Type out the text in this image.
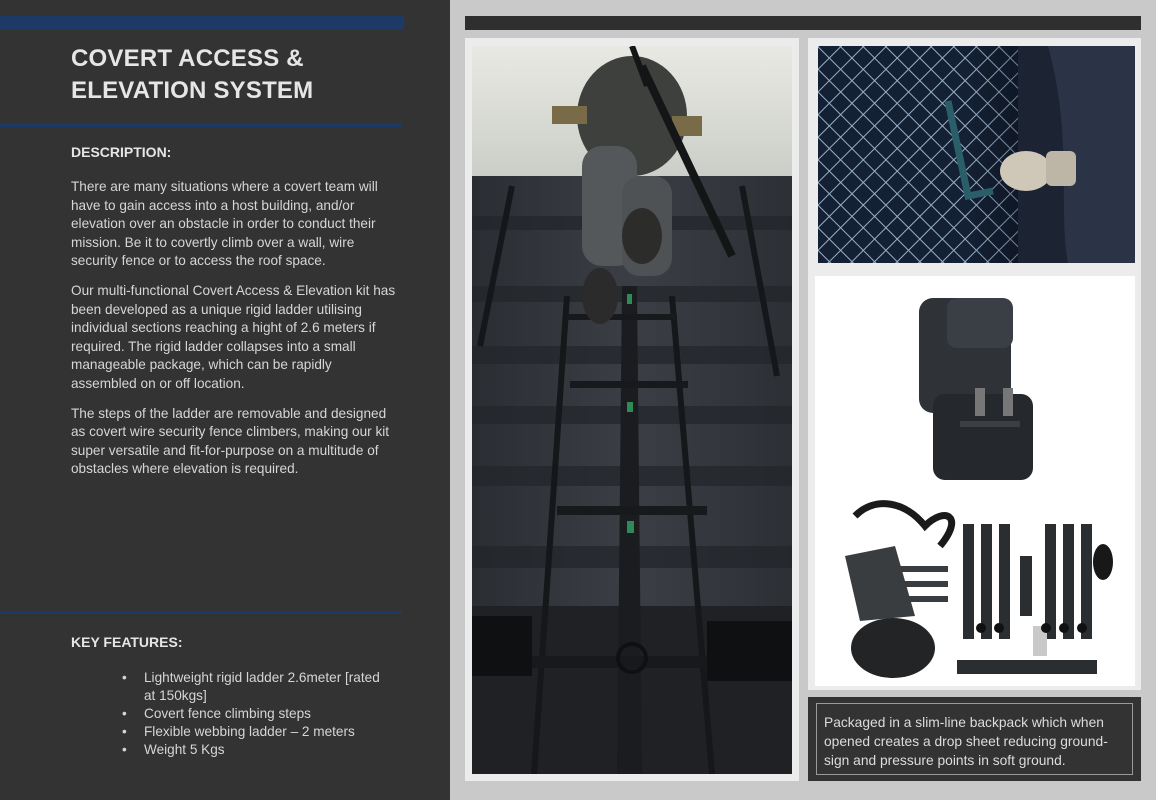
COVERT ACCESS & ELEVATION SYSTEM
DESCRIPTION:

There are many situations where a covert team will have to gain access into a host building, and/or elevation over an obstacle in order to conduct their mission. Be it to covertly climb over a wall, wire security fence or to access the roof space.

Our multi-functional Covert Access & Elevation kit has been developed as a unique rigid ladder utilising individual sections reaching a hight of 2.6 meters if required. The rigid ladder collapses into a small manageable package, which can be rapidly assembled on or off location.

The steps of the ladder are removable and designed as covert wire security fence climbers, making our kit super versatile and fit-for-purpose on a multitude of obstacles where elevation is required.

KEY FEATURES:
• Lightweight rigid ladder 2.6meter [rated at 150kgs]
• Covert fence climbing steps
• Flexible webbing ladder – 2 meters
• Weight 5 Kgs
Packaged in a slim-line backpack which when opened creates a drop sheet reducing ground-sign and pressure points in soft ground.
